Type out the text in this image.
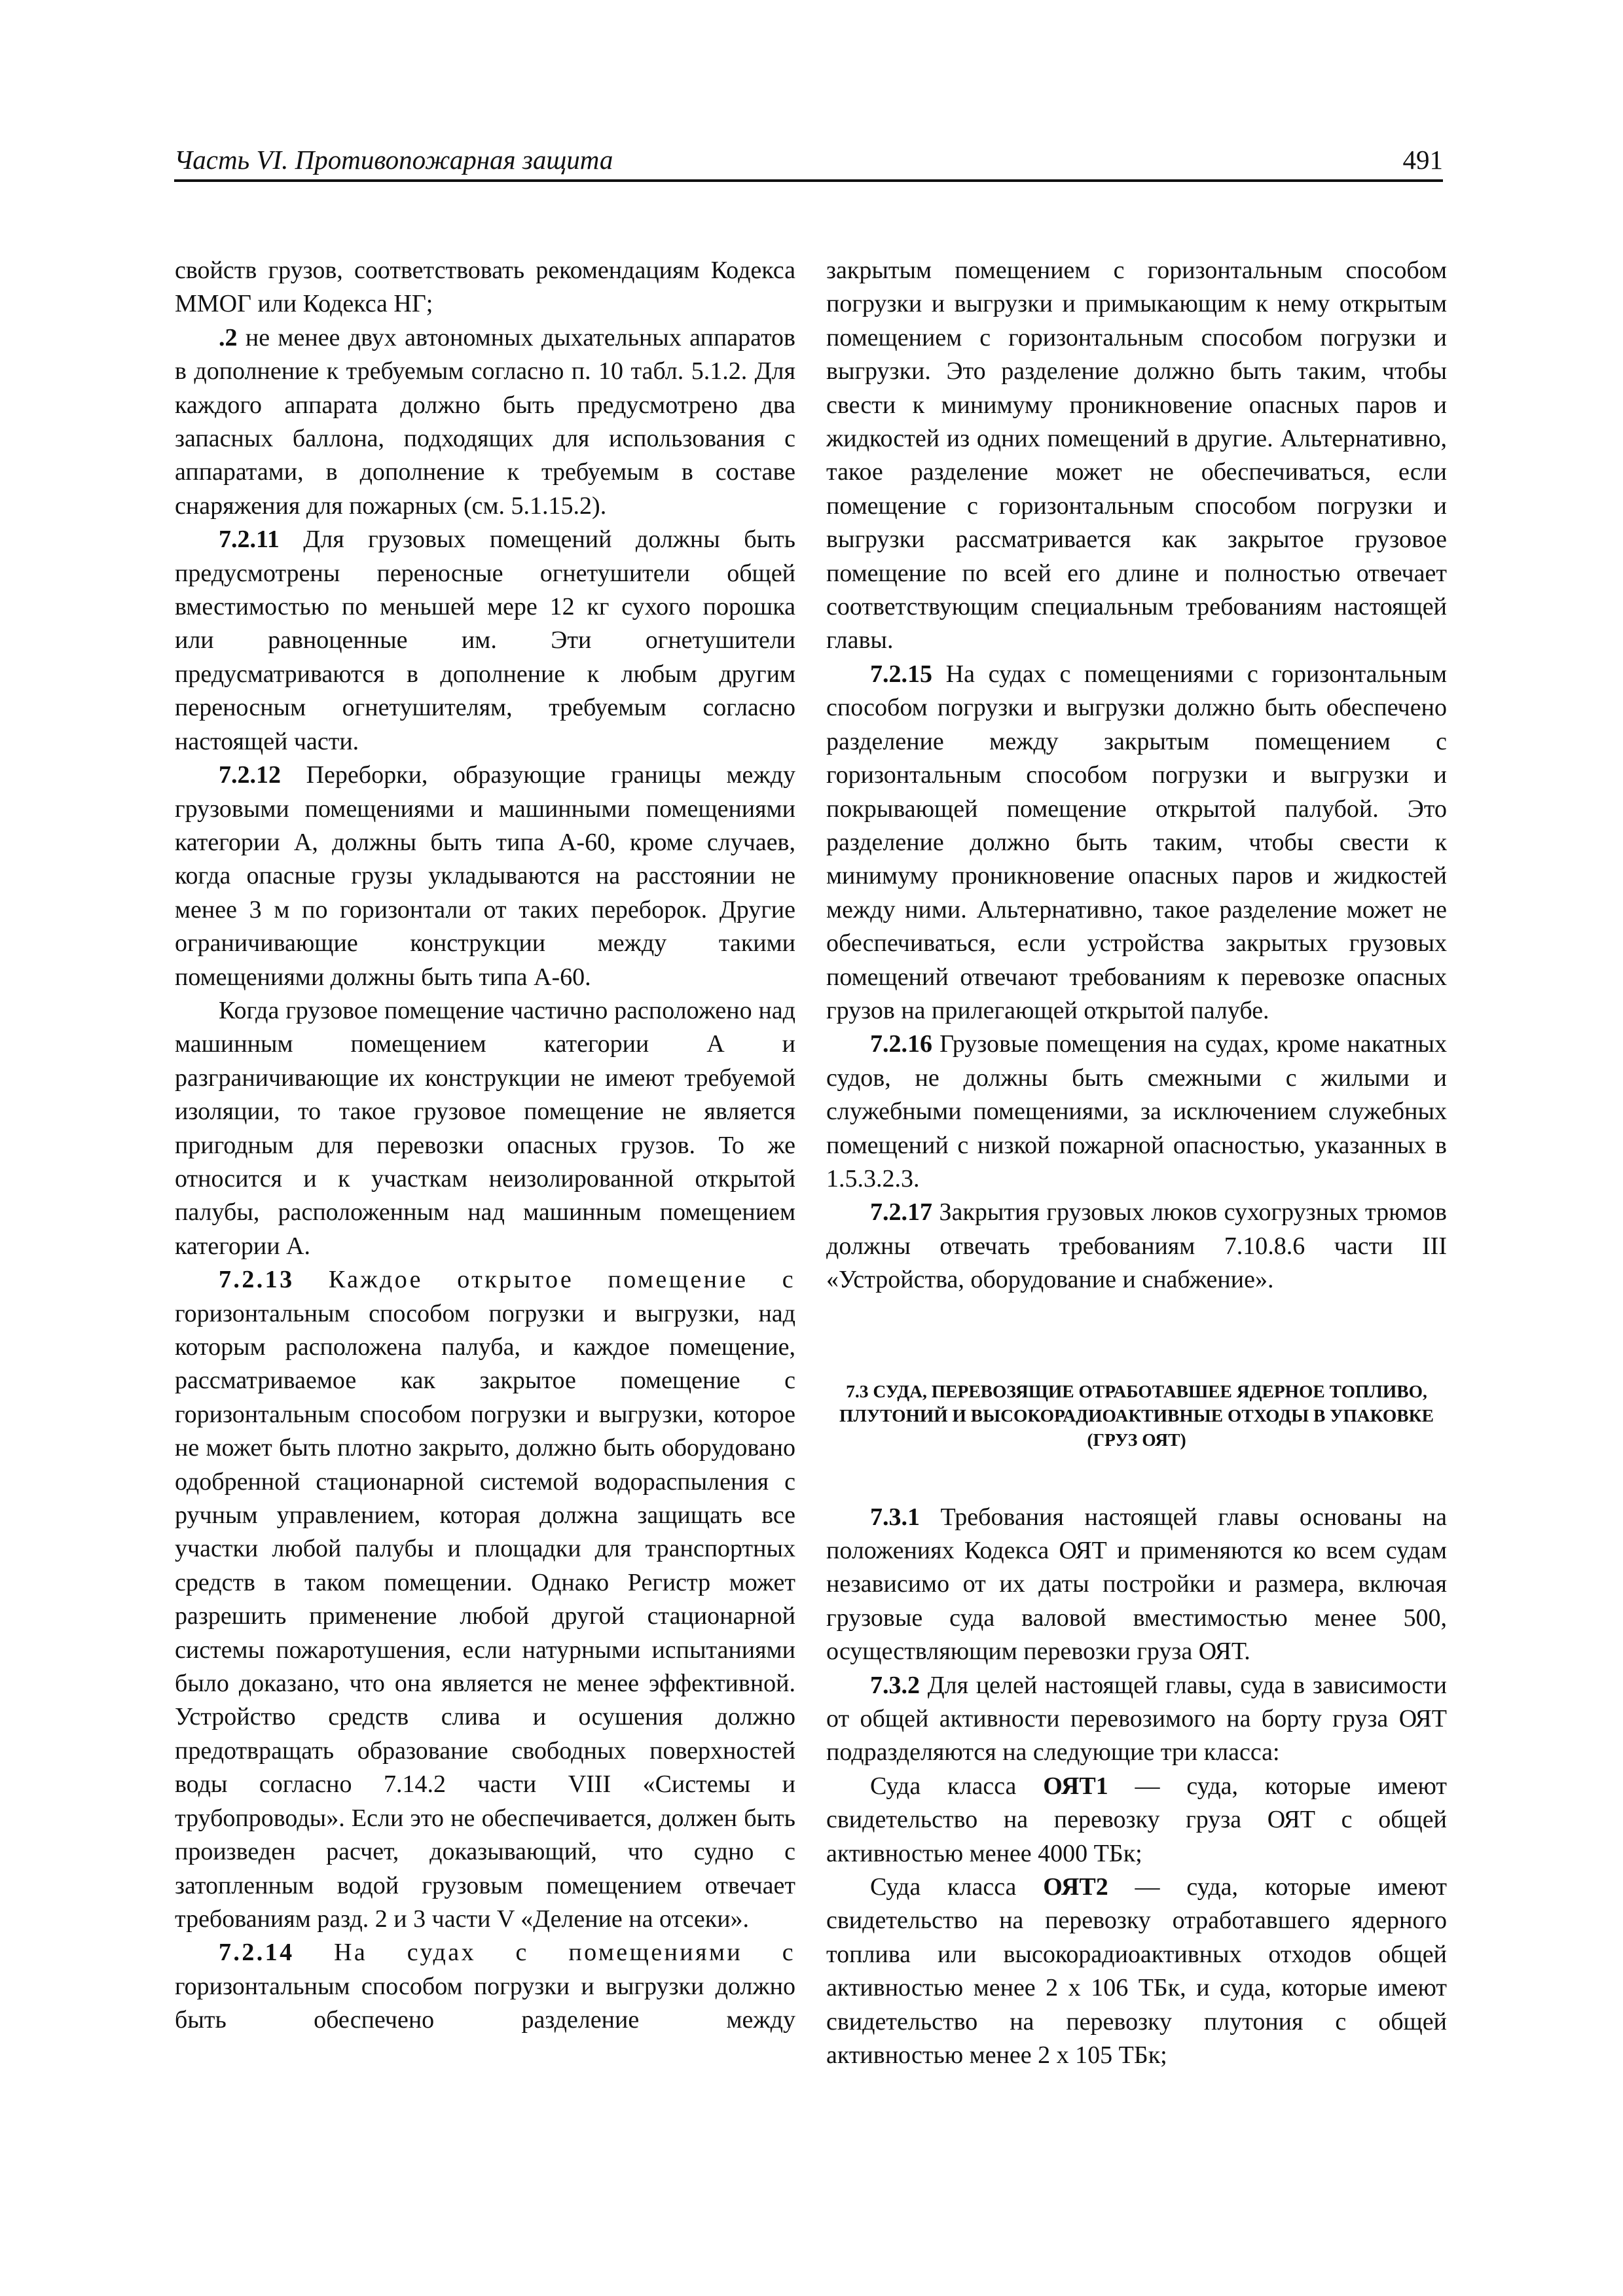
Часть VI. Противопожарная защита	491

свойств грузов, соответствовать рекомендациям Кодекса ММОГ или Кодекса НГ;

.2 не менее двух автономных дыхательных аппаратов в дополнение к требуемым согласно п. 10 табл. 5.1.2. Для каждого аппарата должно быть предусмотрено два запасных баллона, подходящих для использования с аппаратами, в дополнение к требуемым в составе снаряжения для пожарных (см. 5.1.15.2).

7.2.11 Для грузовых помещений должны быть предусмотрены переносные огнетушители общей вместимостью по меньшей мере 12 кг сухого порошка или равноценные им. Эти огнетушители предусматриваются в дополнение к любым другим переносным огнетушителям, требуемым согласно настоящей части.

7.2.12 Переборки, образующие границы между грузовыми помещениями и машинными помещениями категории А, должны быть типа А-60, кроме случаев, когда опасные грузы укладываются на расстоянии не менее 3 м по горизонтали от таких переборок. Другие ограничивающие конструкции между такими помещениями должны быть типа А-60.

Когда грузовое помещение частично расположено над машинным помещением категории А и разграничивающие их конструкции не имеют требуемой изоляции, то такое грузовое помещение не является пригодным для перевозки опасных грузов. То же относится и к участкам неизолированной открытой палубы, расположенным над машинным помещением категории А.

7.2.13 Каждое открытое помещение с

горизонтальным способом погрузки и выгрузки, над которым расположена палуба, и каждое помещение, рассматриваемое как закрытое помещение с горизонтальным способом погрузки и выгрузки, которое не может быть плотно закрыто, должно быть оборудовано одобренной стационарной системой водораспыления с ручным управлением, которая должна защищать все участки любой палубы и площадки для транспортных средств в таком помещении. Однако Регистр может разрешить применение любой другой стационарной системы пожаротушения, если натурными испытаниями было доказано, что она является не менее эффективной. Устройство средств слива и осушения должно предотвращать образование свободных поверхностей воды согласно 7.14.2 части VIII «Системы и трубопроводы». Если это не обеспечивается, должен быть произведен расчет, доказывающий, что судно с затопленным водой грузовым помещением отвечает требованиям разд. 2 и 3 части V «Деление на отсеки».

7.2.14 На судах с помещениями с

горизонтальным способом погрузки и выгрузки должно быть обеспечено разделение между

закрытым помещением с горизонтальным способом погрузки и выгрузки и примыкающим к нему открытым помещением с горизонтальным способом погрузки и выгрузки. Это разделение должно быть таким, чтобы свести к минимуму проникновение опасных паров и жидкостей из одних помещений в другие. Альтернативно, такое разделение может не обеспечиваться, если помещение с горизонтальным способом погрузки и выгрузки рассматривается как закрытое грузовое помещение по всей его длине и полностью отвечает соответствующим специальным требованиям настоящей главы.

7.2.15 На судах с помещениями с горизонтальным способом погрузки и выгрузки должно быть обеспечено разделение между закрытым помещением с горизонтальным способом погрузки и выгрузки и покрывающей помещение открытой палубой. Это разделение должно быть таким, чтобы свести к минимуму проникновение опасных паров и жидкостей между ними. Альтернативно, такое разделение может не обеспечиваться, если устройства закрытых грузовых помещений отвечают требованиям к перевозке опасных грузов на прилегающей открытой палубе.

7.2.16 Грузовые помещения на судах, кроме накатных судов, не должны быть смежными с жилыми и служебными помещениями, за исключением служебных помещений с низкой пожарной опасностью, указанных в 1.5.3.2.3.

7.2.17 Закрытия грузовых люков сухогрузных трюмов должны отвечать требованиям 7.10.8.6 части III «Устройства, оборудование и снабжение».

7.3 СУДА, ПЕРЕВОЗЯЩИЕ ОТРАБОТАВШЕЕ ЯДЕРНОЕ ТОПЛИВО, ПЛУТОНИЙ И ВЫСОКОРАДИОАКТИВНЫЕ ОТХОДЫ В УПАКОВКЕ (ГРУЗ ОЯТ)

7.3.1 Требования настоящей главы основаны на положениях Кодекса ОЯТ и применяются ко всем судам независимо от их даты постройки и размера, включая грузовые суда валовой вместимостью менее 500, осуществляющим перевозки груза ОЯТ.

7.3.2 Для целей настоящей главы, суда в зависимости от общей активности перевозимого на борту груза ОЯТ подразделяются на следующие три класса:

Суда класса ОЯТ1 — суда, которые имеют свидетельство на перевозку груза ОЯТ с общей активностью менее 4000 ТБк;

Суда класса ОЯТ2 — суда, которые имеют свидетельство на перевозку отработавшего ядерного топлива или высокорадиоактивных отходов общей активностью менее 2 х 106 ТБк, и суда, которые имеют свидетельство на перевозку плутония с общей активностью менее 2 х 105 ТБк;
